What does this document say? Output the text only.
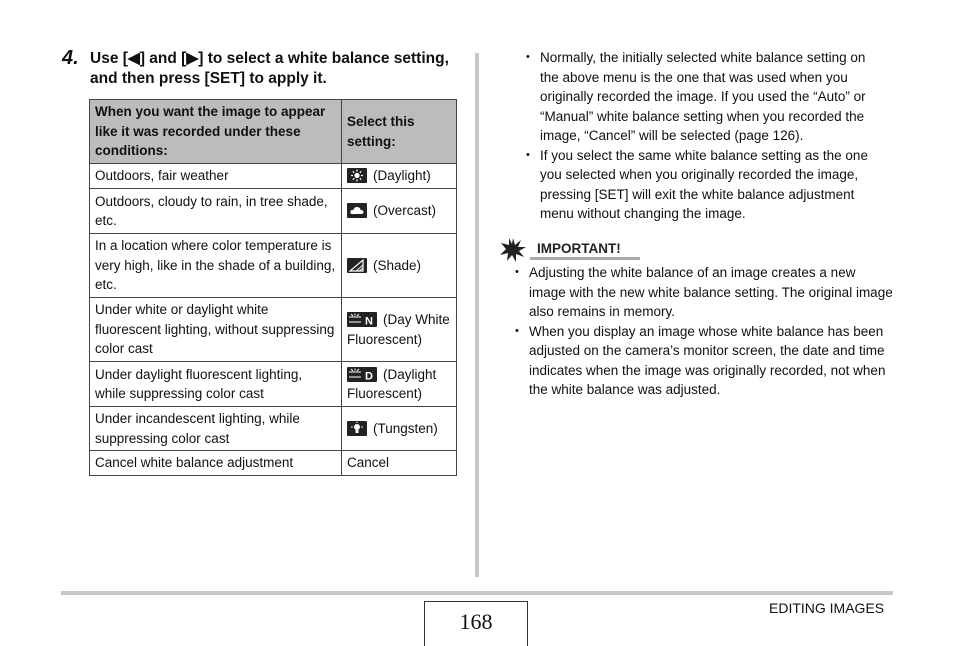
4. Use [◀] and [▶] to select a white balance setting, and then press [SET] to apply it.
When you want the image to appear like it was recorded under these conditions:	Select this setting:
Outdoors, fair weather	(Daylight)
Outdoors, cloudy to rain, in tree shade, etc.	(Overcast)
In a location where color temperature is very high, like in the shade of a building, etc.	(Shade)
Under white or daylight white fluorescent lighting, without suppressing color cast	N (Day White Fluorescent)
Under daylight fluorescent lighting, while suppressing color cast	D (Daylight Fluorescent)
Under incandescent lighting, while suppressing color cast	(Tungsten)
Cancel white balance adjustment	Cancel
• Normally, the initially selected white balance setting on the above menu is the one that was used when you originally recorded the image. If you used the “Auto” or “Manual” white balance setting when you recorded the image, “Cancel” will be selected (page 126).
• If you select the same white balance setting as the one you selected when you originally recorded the image, pressing [SET] will exit the white balance adjustment menu without changing the image.
IMPORTANT!
• Adjusting the white balance of an image creates a new image with the new white balance setting. The original image also remains in memory.
• When you display an image whose white balance has been adjusted on the camera’s monitor screen, the date and time indicates when the image was originally recorded, not when the white balance was adjusted.
168
EDITING IMAGES
